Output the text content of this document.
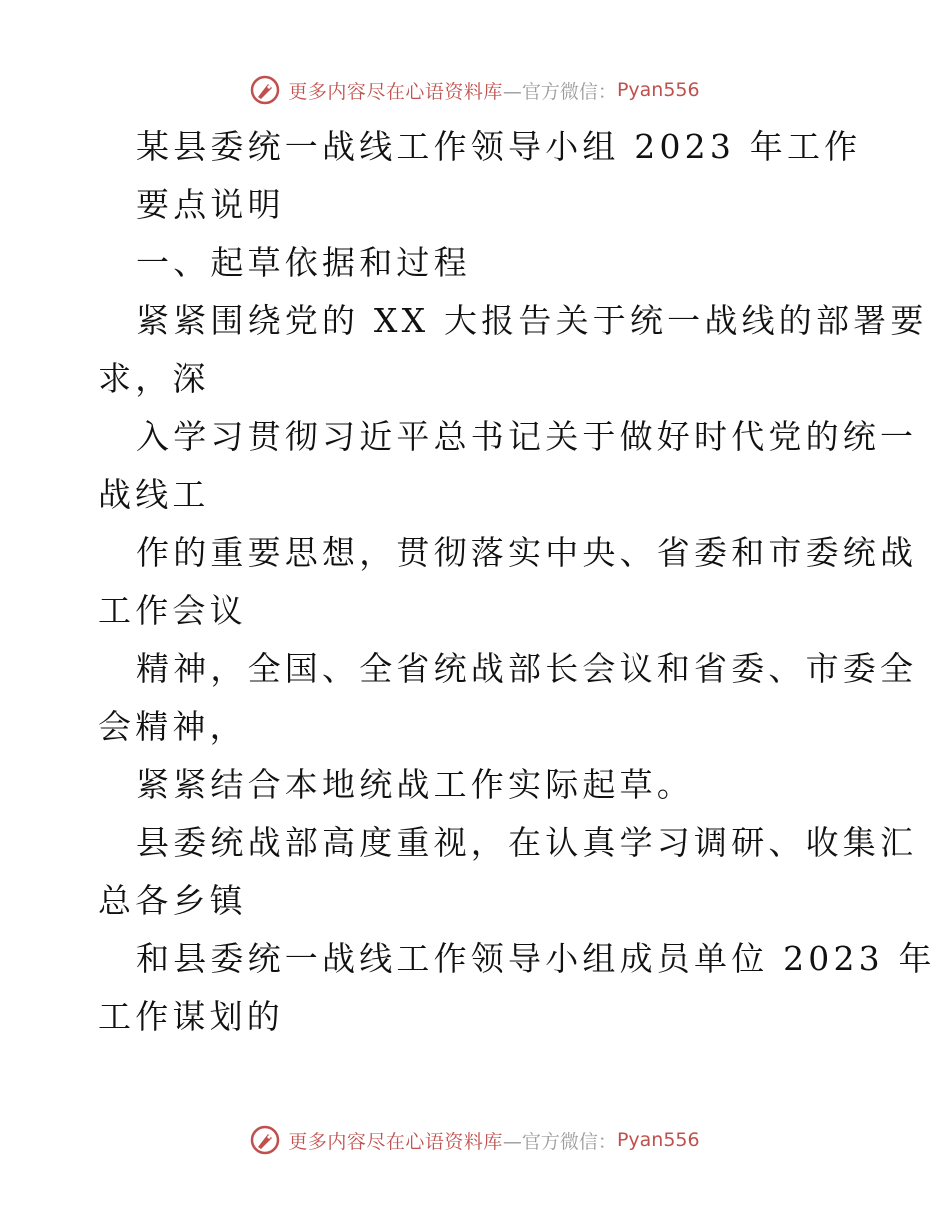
更多内容尽在心语资料库 —官方微信： Pyan556
某县委统一战线工作领导小组 2023 年工作
要点说明
一、起草依据和过程
紧紧围绕党的 XX 大报告关于统一战线的部署要
求，深
入学习贯彻习近平总书记关于做好时代党的统一
战线工
作的重要思想，贯彻落实中央、省委和市委统战
工作会议
精神，全国、全省统战部长会议和省委、市委全
会精神，
紧紧结合本地统战工作实际起草。
县委统战部高度重视，在认真学习调研、收集汇
总各乡镇
和县委统一战线工作领导小组成员单位 2023 年
工作谋划的
更多内容尽在心语资料库 —官方微信： Pyan556
